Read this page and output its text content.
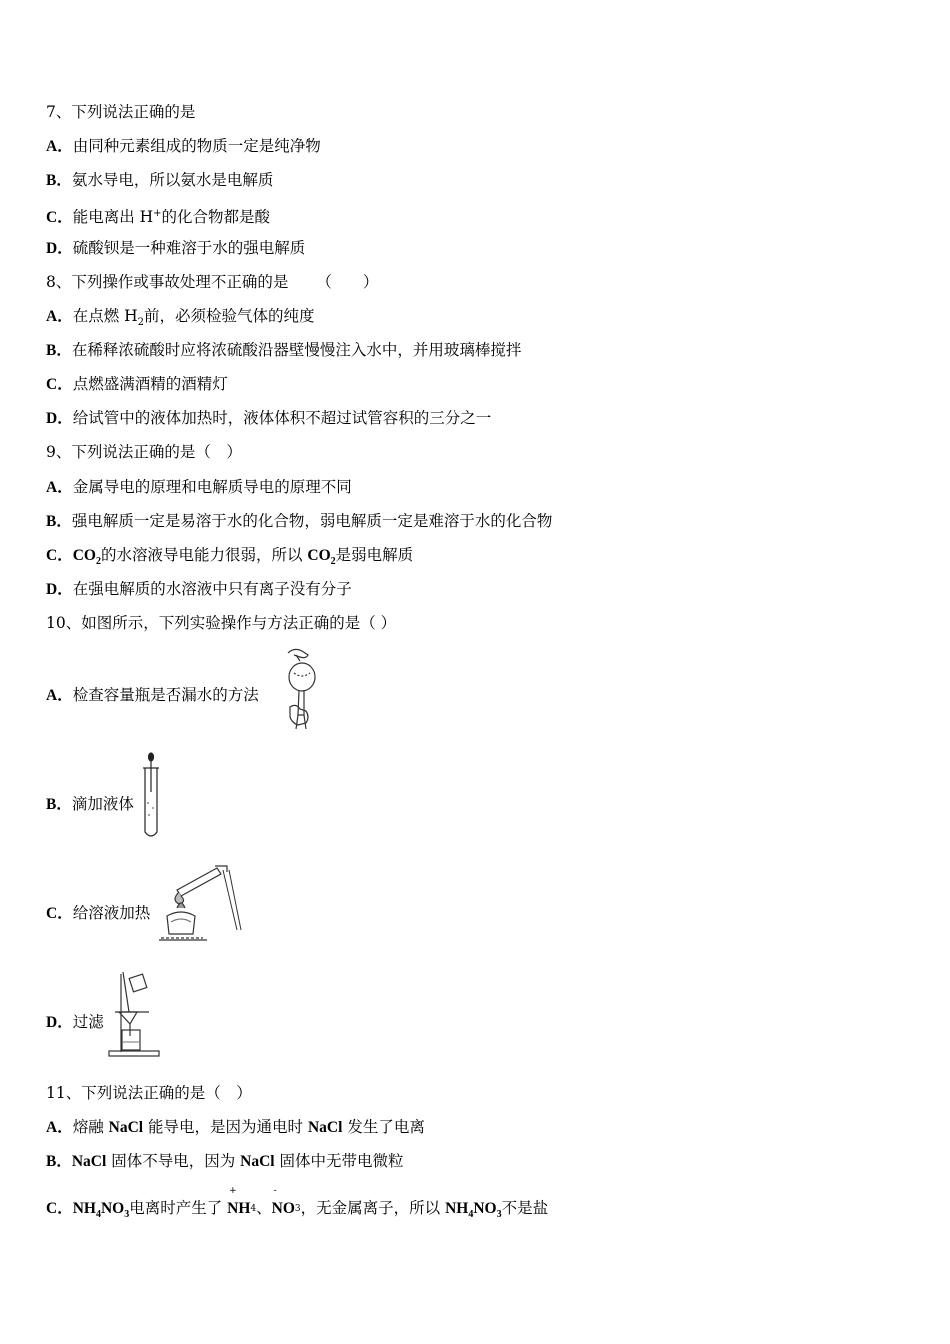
7、下列说法正确的是
A．由同种元素组成的物质一定是纯净物
B．氨水导电，所以氨水是电解质
C．能电离出 H+的化合物都是酸
D．硫酸钡是一种难溶于水的强电解质
8、下列操作或事故处理不正确的是 （　　）
A．在点燃 $H_2$前，必须检验气体的纯度
B．在稀释浓硫酸时应将浓硫酸沿器壁慢慢注入水中，并用玻璃棒搅拌
C．点燃盛满酒精的酒精灯
D．给试管中的液体加热时，液体体积不超过试管容积的三分之一
9、下列说法正确的是（　）
A．金属导电的原理和电解质导电的原理不同
B．强电解质一定是易溶于水的化合物，弱电解质一定是难溶于水的化合物
C．$CO_2$的水溶液导电能力很弱，所以 $CO_2$是弱电解质
D．在强电解质的水溶液中只有离子没有分子
10、如图所示，下列实验操作与方法正确的是（ ）
A．检查容量瓶是否漏水的方法
B．滴加液体
C．给溶液加热
D．过滤
11、下列说法正确的是（　）
A．熔融 NaCl 能导电，是因为通电时 NaCl 发生了电离
B．NaCl 固体不导电，因为 NaCl 固体中无带电微粒
C．$NH_4NO_3$电离时产生了 NH
+
4、NO
-
3，无金属离子，所以 $NH_4NO_3$不是盐
